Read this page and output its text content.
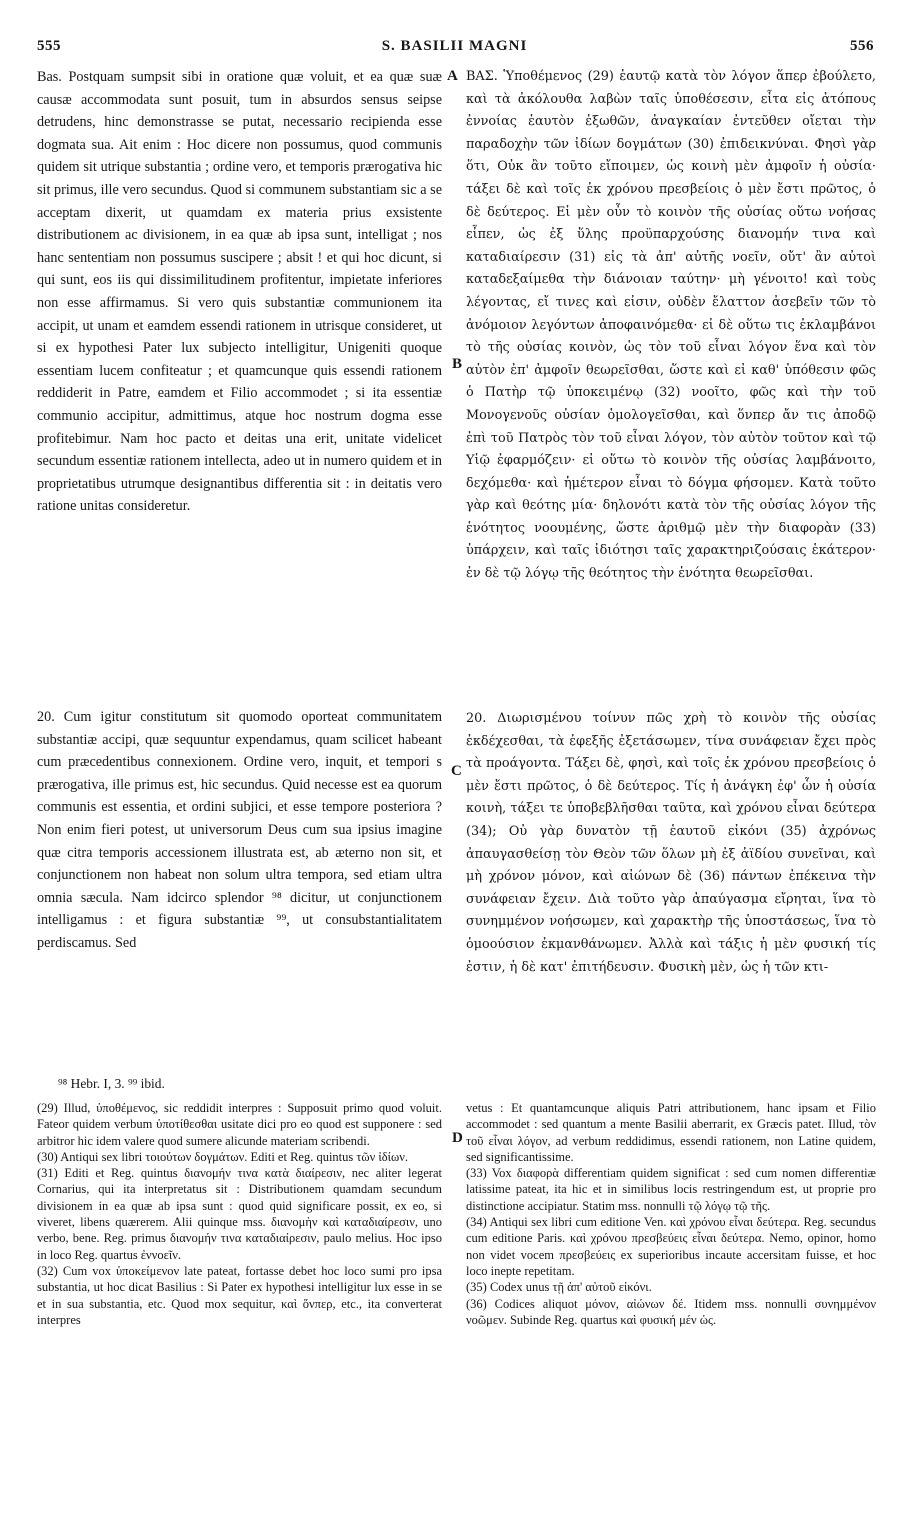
555	S. BASILII MAGNI	556

Bas. Postquam sumpsit sibi in oratione quæ voluit, et ea quæ suæ causæ accommodata sunt posuit, tum in absurdos sensus seipse detrudens, hinc demonstrasse se putat, necessario recipienda esse dogmata sua. Ait enim : Hoc dicere non possumus, quod communis quidem sit utrique substantia ; ordine vero, et temporis prærogativa hic sit primus, ille vero secundus. Quod si communem substantiam sic a se acceptam dixerit, ut quamdam ex materia prius exsistente distributionem ac divisionem, in ea quæ ab ipsa sunt, intelligat ; nos hanc sententiam non possumus suscipere ; absit ! et qui hoc dicunt, si qui sunt, eos iis qui dissimilitudinem profitentur, impietate inferiores non esse affirmamus. Si vero quis substantiæ communionem ita accipit, ut unam et eamdem essendi rationem in utrisque consideret, ut si ex hypothesi Pater lux subjecto intelligitur, Unigeniti quoque essentiam lucem confiteatur ; et quamcunque quis essendi rationem reddiderit in Patre, eamdem et Filio accommodet ; si ita essentiæ communio accipitur, admittimus, atque hoc nostrum dogma esse profitebimur. Nam hoc pacto et deitas una erit, unitate videlicet secundum essentiæ rationem intellecta, adeo ut in numero quidem et in proprietatibus utrumque designantibus differentia sit : in deitatis vero ratione unitas consideretur.

20. Cum igitur constitutum sit quomodo oporteat communitatem substantiæ accipi, quæ sequuntur expendamus, quam scilicet habeant cum præcedentibus connexionem. Ordine vero, inquit, et tempori s prærogativa, ille primus est, hic secundus. Quid necesse est ea quorum communis est essentia, et ordini subjici, et esse tempore posteriora ? Non enim fieri potest, ut universorum Deus cum sua ipsius imagine quæ citra temporis accessionem illustrata est, ab æterno non sit, et conjunctionem non habeat non solum ultra tempora, sed etiam ultra omnia sæcula. Nam idcirco splendor ⁹⁸ dicitur, ut conjunctionem intelligamus : et figura substantiæ ⁹⁹, ut consubstantialitatem perdiscamus. Sed

ΒΑΣ. Ὑποθέμενος (29) ἑαυτῷ κατὰ τὸν λόγον ἅπερ ἐβούλετο, καὶ τὰ ἀκόλουθα λαβὼν ταῖς ὑποθέσεσιν, εἶτα εἰς ἀτόπους ἐννοίας ἑαυτὸν ἐξωθῶν, ἀναγκαίαν ἐντεῦθεν οἴεται τὴν παραδοχὴν τῶν ἰδίων δογμάτων (30) ἐπιδεικνύναι. Φησὶ γὰρ ὅτι, Οὐκ ἂν τοῦτο εἴποιμεν, ὡς κοινὴ μὲν ἀμφοῖν ἡ οὐσία· τάξει δὲ καὶ τοῖς ἐκ χρόνου πρεσβείοις ὁ μὲν ἔστι πρῶτος, ὁ δὲ δεύτερος. Εἰ μὲν οὖν τὸ κοινὸν τῆς οὐσίας οὕτω νοήσας εἶπεν, ὡς ἐξ ὕλης προϋπαρχούσης διανομήν τινα καὶ καταδιαίρεσιν (31) εἰς τὰ ἀπ' αὐτῆς νοεῖν, οὔτ' ἂν αὐτοὶ καταδεξαίμεθα τὴν διάνοιαν ταύτην· μὴ γένοιτο! καὶ τοὺς λέγοντας, εἴ τινες καὶ εἰσιν, οὐδὲν ἔλαττον ἀσεβεῖν τῶν τὸ ἀνόμοιον λεγόντων ἀποφαινόμεθα· εἰ δὲ οὕτω τις ἐκλαμβάνοι τὸ τῆς οὐσίας κοινὸν, ὡς τὸν τοῦ εἶναι λόγον ἕνα καὶ τὸν αὐτὸν ἐπ' ἀμφοῖν θεωρεῖσθαι, ὥστε καὶ εἰ καθ' ὑπόθεσιν φῶς ὁ Πατὴρ τῷ ὑποκειμένῳ (32) νοοῖτο, φῶς καὶ τὴν τοῦ Μονογενοῦς οὐσίαν ὁμολογεῖσθαι, καὶ ὅνπερ ἄν τις ἀποδῷ ἐπὶ τοῦ Πατρὸς τὸν τοῦ εἶναι λόγον, τὸν αὐτὸν τοῦτον καὶ τῷ Υἱῷ ἐφαρμόζειν· εἰ οὕτω τὸ κοινὸν τῆς οὐσίας λαμβάνοιτο, δεχόμεθα· καὶ ἡμέτερον εἶναι τὸ δόγμα φήσομεν. Κατὰ τοῦτο γὰρ καὶ θεότης μία· δηλονότι κατὰ τὸν τῆς οὐσίας λόγον τῆς ἑνότητος νοουμένης, ὥστε ἀριθμῷ μὲν τὴν διαφορὰν (33) ὑπάρχειν, καὶ ταῖς ἰδιότησι ταῖς χαρακτηριζούσαις ἑκάτερον· ἐν δὲ τῷ λόγῳ τῆς θεότητος τὴν ἑνότητα θεωρεῖσθαι.

20. Διωρισμένου τοίνυν πῶς χρὴ τὸ κοινὸν τῆς οὐσίας ἐκδέχεσθαι, τὰ ἐφεξῆς ἐξετάσωμεν, τίνα συνάφειαν ἔχει πρὸς τὰ προάγοντα. Τάξει δὲ, φησὶ, καὶ τοῖς ἐκ χρόνου πρεσβείοις ὁ μὲν ἔστι πρῶτος, ὁ δὲ δεύτερος. Τίς ἡ ἀνάγκη ἐφ' ὧν ἡ οὐσία κοινὴ, τάξει τε ὑποβεβλῆσθαι ταῦτα, καὶ χρόνου εἶναι δεύτερα (34); Οὐ γὰρ δυνατὸν τῇ ἑαυτοῦ εἰκόνι (35) ἀχρόνως ἀπαυγασθείσῃ τὸν Θεὸν τῶν ὅλων μὴ ἐξ ἀϊδίου συνεῖναι, καὶ μὴ χρόνον μόνον, καὶ αἰώνων δὲ (36) πάντων ἐπέκεινα τὴν συνάφειαν ἔχειν. Διὰ τοῦτο γὰρ ἀπαύγασμα εἴρηται, ἵνα τὸ συνημμένον νοήσωμεν, καὶ χαρακτὴρ τῆς ὑποστάσεως, ἵνα τὸ ὁμοούσιον ἐκμανθάνωμεν. Ἀλλὰ καὶ τάξις ἡ μὲν φυσική τίς ἐστιν, ἡ δὲ κατ' ἐπιτήδευσιν. Φυσικὴ μὲν, ὡς ἡ τῶν κτι-

A
B
C
D
⁹⁸ Hebr. I, 3. ⁹⁹ ibid.

(29) Illud, ὑποθέμενος, sic reddidit interpres : Supposuit primo quod voluit. Fateor quidem verbum ὑποτίθεσθαι usitate dici pro eo quod est supponere : sed arbitror hic idem valere quod sumere alicunde materiam scribendi.

(30) Antiqui sex libri τοιούτων δογμάτων. Editi et Reg. quintus τῶν ἰδίων.

(31) Editi et Reg. quintus διανομήν τινα κατὰ διαίρεσιν, nec aliter legerat Cornarius, qui ita interpretatus sit : Distributionem quamdam secundum divisionem in ea quæ ab ipsa sunt : quod quid significare possit, ex eo, si viveret, libens quærerem. Alii quinque mss. διανομὴν καὶ καταδιαίρεσιν, uno verbo, bene. Reg. primus διανομήν τινα καταδιαίρεσιν, paulo melius. Hoc ipso in loco Reg. quartus ἐννοεῖν.

(32) Cum vox ὑποκείμενον late pateat, fortasse debet hoc loco sumi pro ipsa substantia, ut hoc dicat Basilius : Si Pater ex hypothesi intelligitur lux esse in se et in sua substantia, etc. Quod mox sequitur, καὶ ὅνπερ, etc., ita converterat interpres

vetus : Et quantamcunque aliquis Patri attributionem, hanc ipsam et Filio accommodet : sed quantum a mente Basilii aberrarit, ex Græcis patet. Illud, τὸν τοῦ εἶναι λόγον, ad verbum reddidimus, essendi rationem, non Latine quidem, sed significantissime.

(33) Vox διαφορὰ differentiam quidem significat : sed cum nomen differentiæ latissime pateat, ita hic et in similibus locis restringendum est, ut proprie pro distinctione accipiatur. Statim mss. nonnulli τῷ λόγῳ τῷ τῆς.

(34) Antiqui sex libri cum editione Ven. καὶ χρόνου εἶναι δεύτερα. Reg. secundus cum editione Paris. καὶ χρόνου πρεσβεύεις εἶναι δεύτερα. Nemo, opinor, homo non videt vocem πρεσβεύεις ex superioribus incaute accersitam fuisse, et hoc loco inepte repetitam.

(35) Codex unus τῇ ἀπ' αὐτοῦ εἰκόνι.

(36) Codices aliquot μόνον, αἰώνων δέ. Itidem mss. nonnulli συνημμένον νοῶμεν. Subinde Reg. quartus καὶ φυσική μέν ὡς.
